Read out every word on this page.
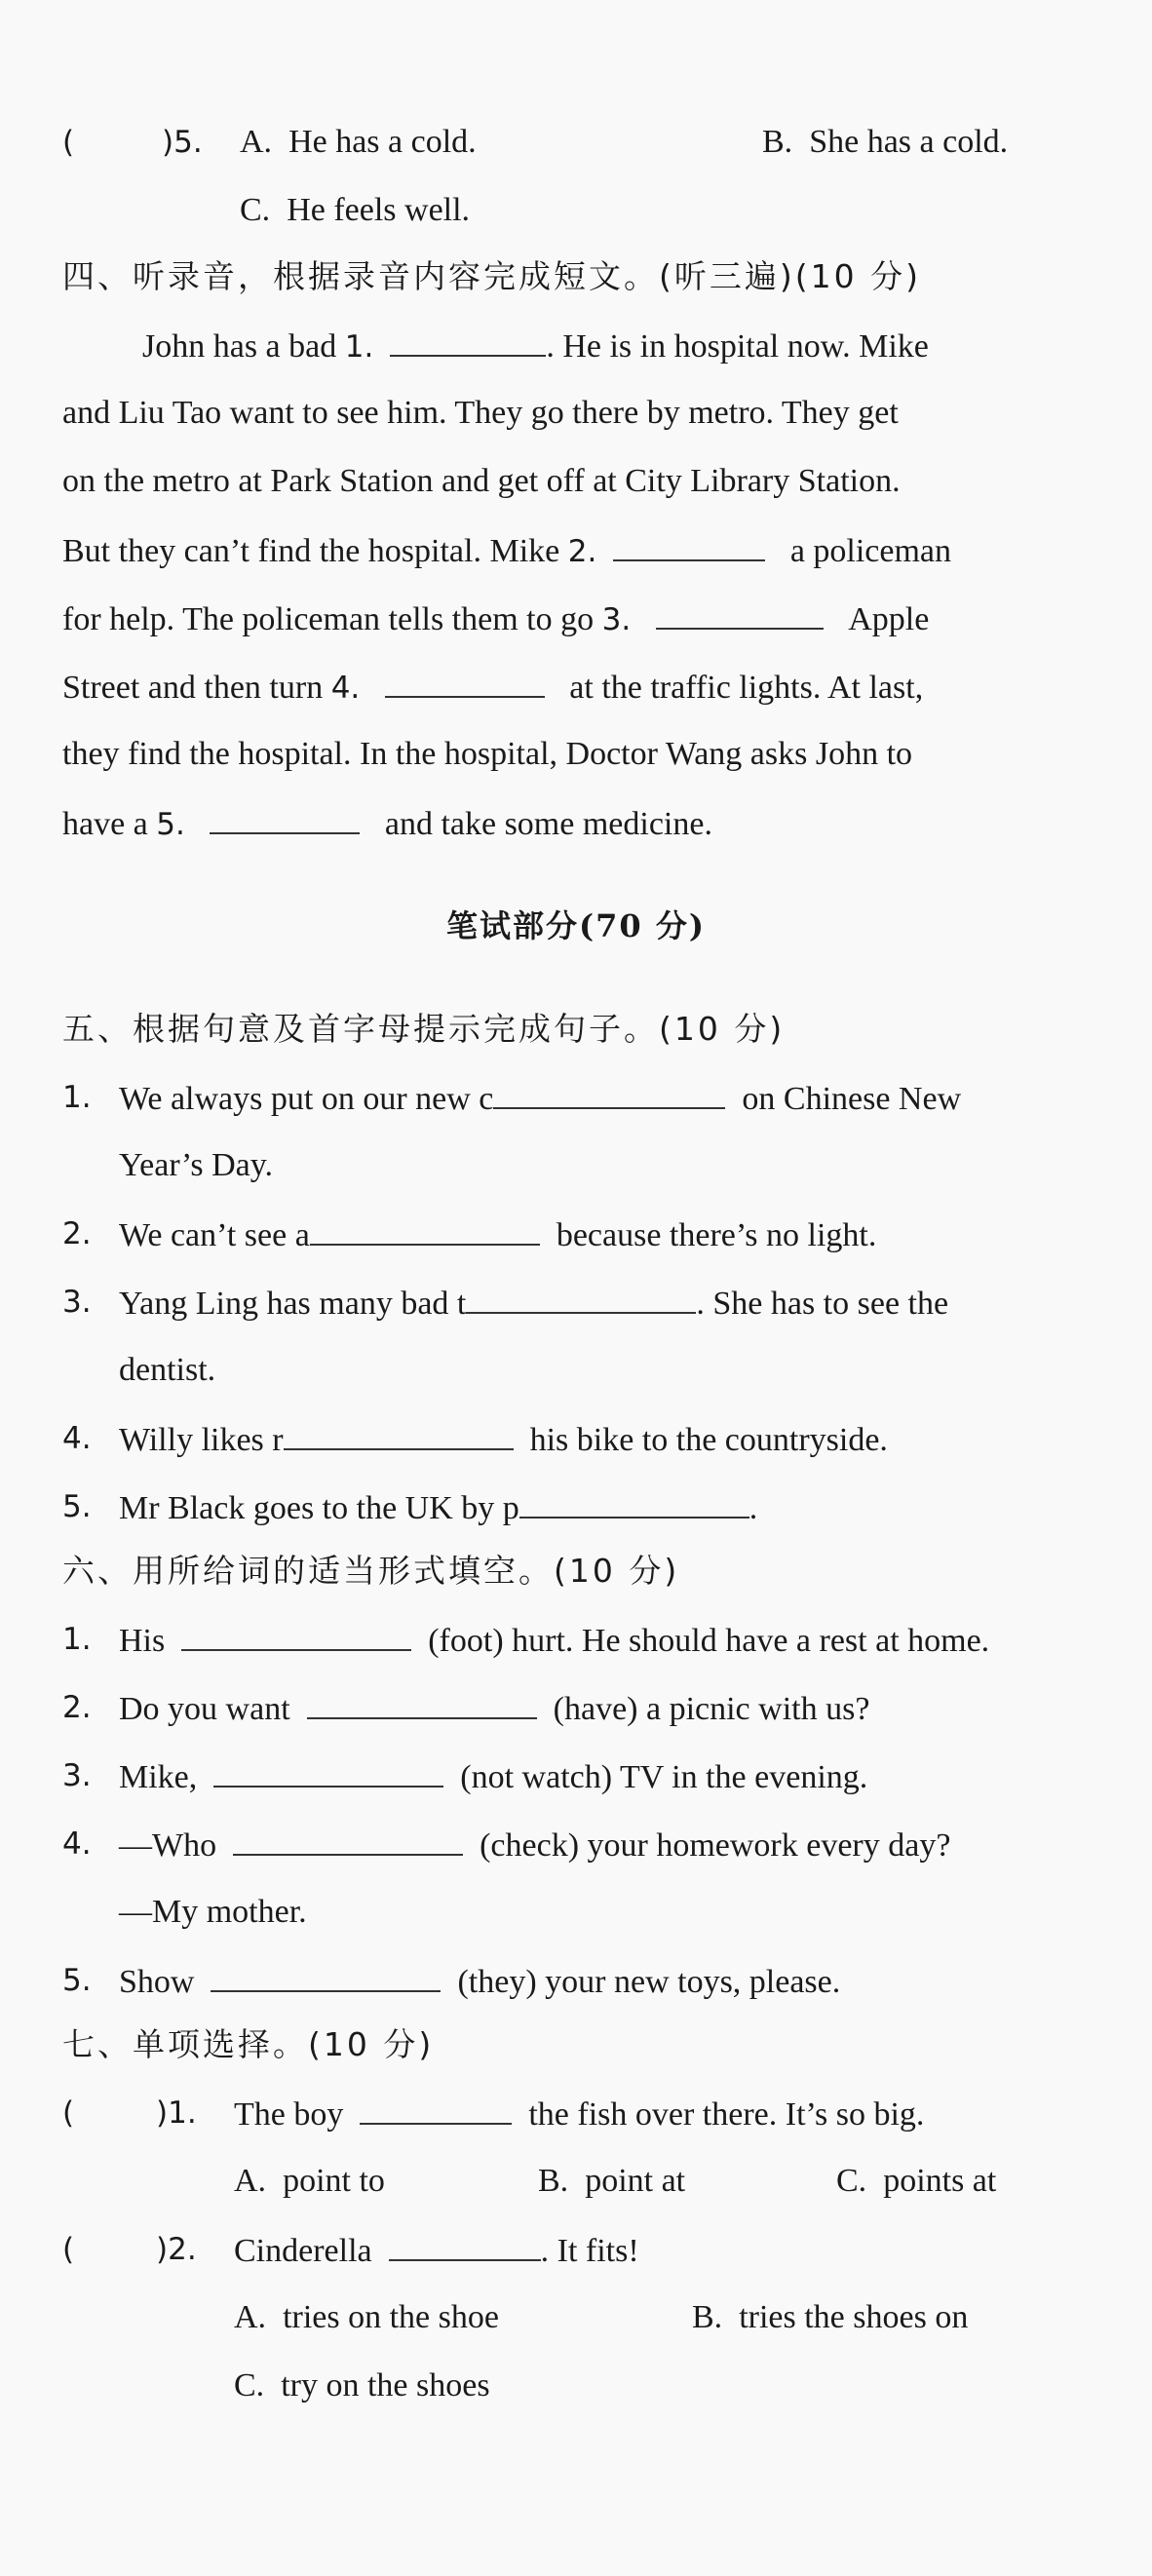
(	)5. A. He has a cold.	B. She has a cold.
C. He feels well.
四、听录音，根据录音内容完成短文。(听三遍)(10 分)
John has a bad 1.	. He is in hospital now. Mike
and Liu Tao want to see him. They go there by metro. They get
on the metro at Park Station and get off at City Library Station.
But they can’t find the hospital. Mike 2.	a policeman
for help. The policeman tells them to go 3.	Apple
Street and then turn 4.	at the traffic lights. At last,
they find the hospital. In the hospital, Doctor Wang asks John to
have a 5.	and take some medicine.
笔试部分(70 分)
五、根据句意及首字母提示完成句子。(10 分)
1. We always put on our new c	on Chinese New
Year’s Day.
2. We can’t see a	because there’s no light.
3. Yang Ling has many bad t	. She has to see the
dentist.
4. Willy likes r	his bike to the countryside.
5. Mr Black goes to the UK by p	.
六、用所给词的适当形式填空。(10 分)
1. His	(foot) hurt. He should have a rest at home.
2. Do you want	(have) a picnic with us?
3. Mike,	(not watch) TV in the evening.
4. —Who	(check) your homework every day?
—My mother.
5. Show	(they) your new toys, please.
七、单项选择。(10 分)
(	)1. The boy	the fish over there. It’s so big.
A. point to	B. point at	C. points at
(	)2. Cinderella	. It fits!
A. tries on the shoe	B. tries the shoes on
C. try on the shoes
